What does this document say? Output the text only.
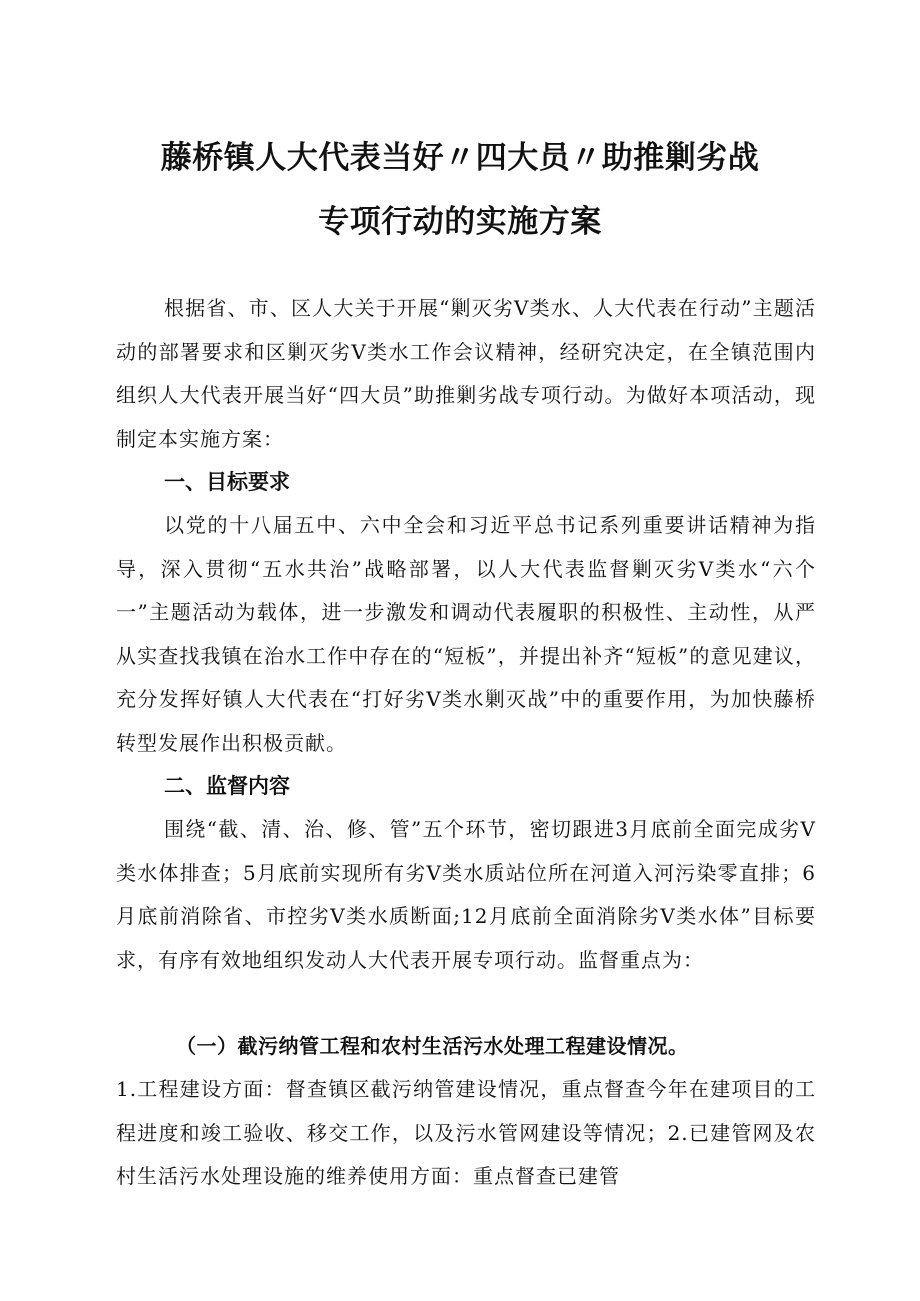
藤桥镇人大代表当好〃四大员〃助推剿劣战
专项行动的实施方案
根据省、市、区人大关于开展“剿灭劣Ⅴ类水、人大代表在行动”主题活动的部署要求和区剿灭劣Ⅴ类水工作会议精神，经研究决定，在全镇范围内组织人大代表开展当好“四大员”助推剿劣战专项行动。为做好本项活动，现制定本实施方案：
一、目标要求
以党的十八届五中、六中全会和习近平总书记系列重要讲话精神为指导，深入贯彻“五水共治”战略部署，以人大代表监督剿灭劣Ⅴ类水“六个一”主题活动为载体，进一步激发和调动代表履职的积极性、主动性，从严从实查找我镇在治水工作中存在的“短板”，并提出补齐“短板”的意见建议，充分发挥好镇人大代表在“打好劣Ⅴ类水剿灭战”中的重要作用，为加快藤桥转型发展作出积极贡献。
二、监督内容
围绕“截、清、治、修、管”五个环节，密切跟进3月底前全面完成劣Ⅴ类水体排查；5月底前实现所有劣Ⅴ类水质站位所在河道入河污染零直排；6月底前消除省、市控劣Ⅴ类水质断面;12月底前全面消除劣Ⅴ类水体”目标要求，有序有效地组织发动人大代表开展专项行动。监督重点为：
（一）截污纳管工程和农村生活污水处理工程建设情况。
1.工程建设方面：督查镇区截污纳管建设情况，重点督查今年在建项目的工程进度和竣工验收、移交工作，以及污水管网建设等情况；2.已建管网及农村生活污水处理设施的维养使用方面：重点督查已建管
